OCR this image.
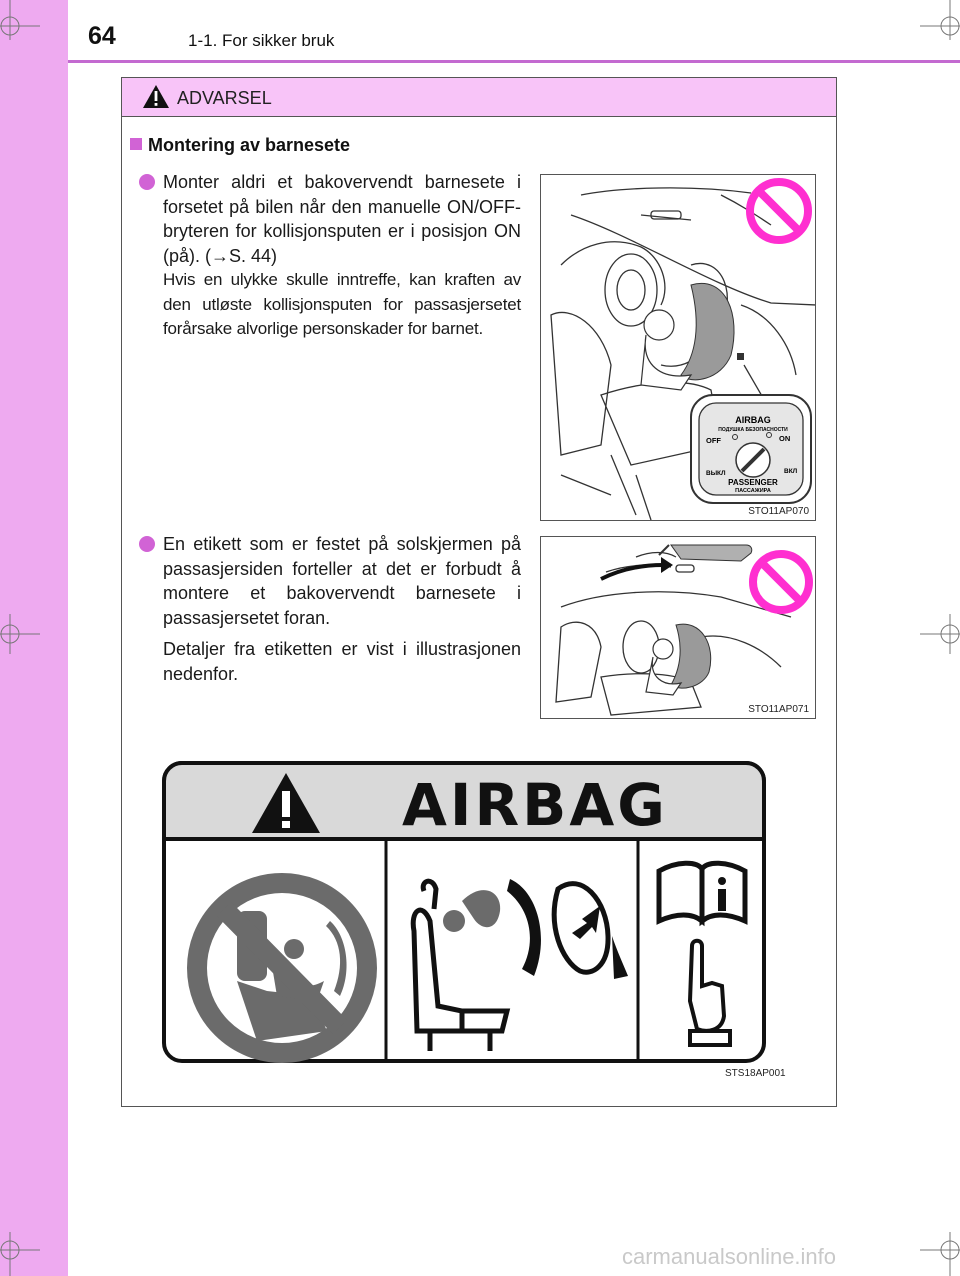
64	1-1. For sikker bruk
ADVARSEL
Montering av barnesete

Monter aldri et bakovervendt barnesete i forsetet på bilen når den manuelle ON/OFF-bryteren for kollisjonsputen er i posisjon ON (på). (→S. 44)

Hvis en ulykke skulle inntreffe, kan kraften av den utløste kollisjonsputen for passasjersetet forårsake alvorlige personskader for barnet.

En etikett som er festet på solskjermen på passasjersiden forteller at det er forbudt å montere et bakovervendt barnesete i passasjersetet foran.

Detaljer fra etiketten er vist i illustrasjonen nedenfor.

AIRBAG
ПОДУШКА БЕЗОПАСНОСТИ
OFF	ON
ВЫКЛ	ВКЛ
PASSENGER
ПАССАЖИРА
STO11AP070
STO11AP071
AIRBAG
STS18AP001
carmanualsonline.info
